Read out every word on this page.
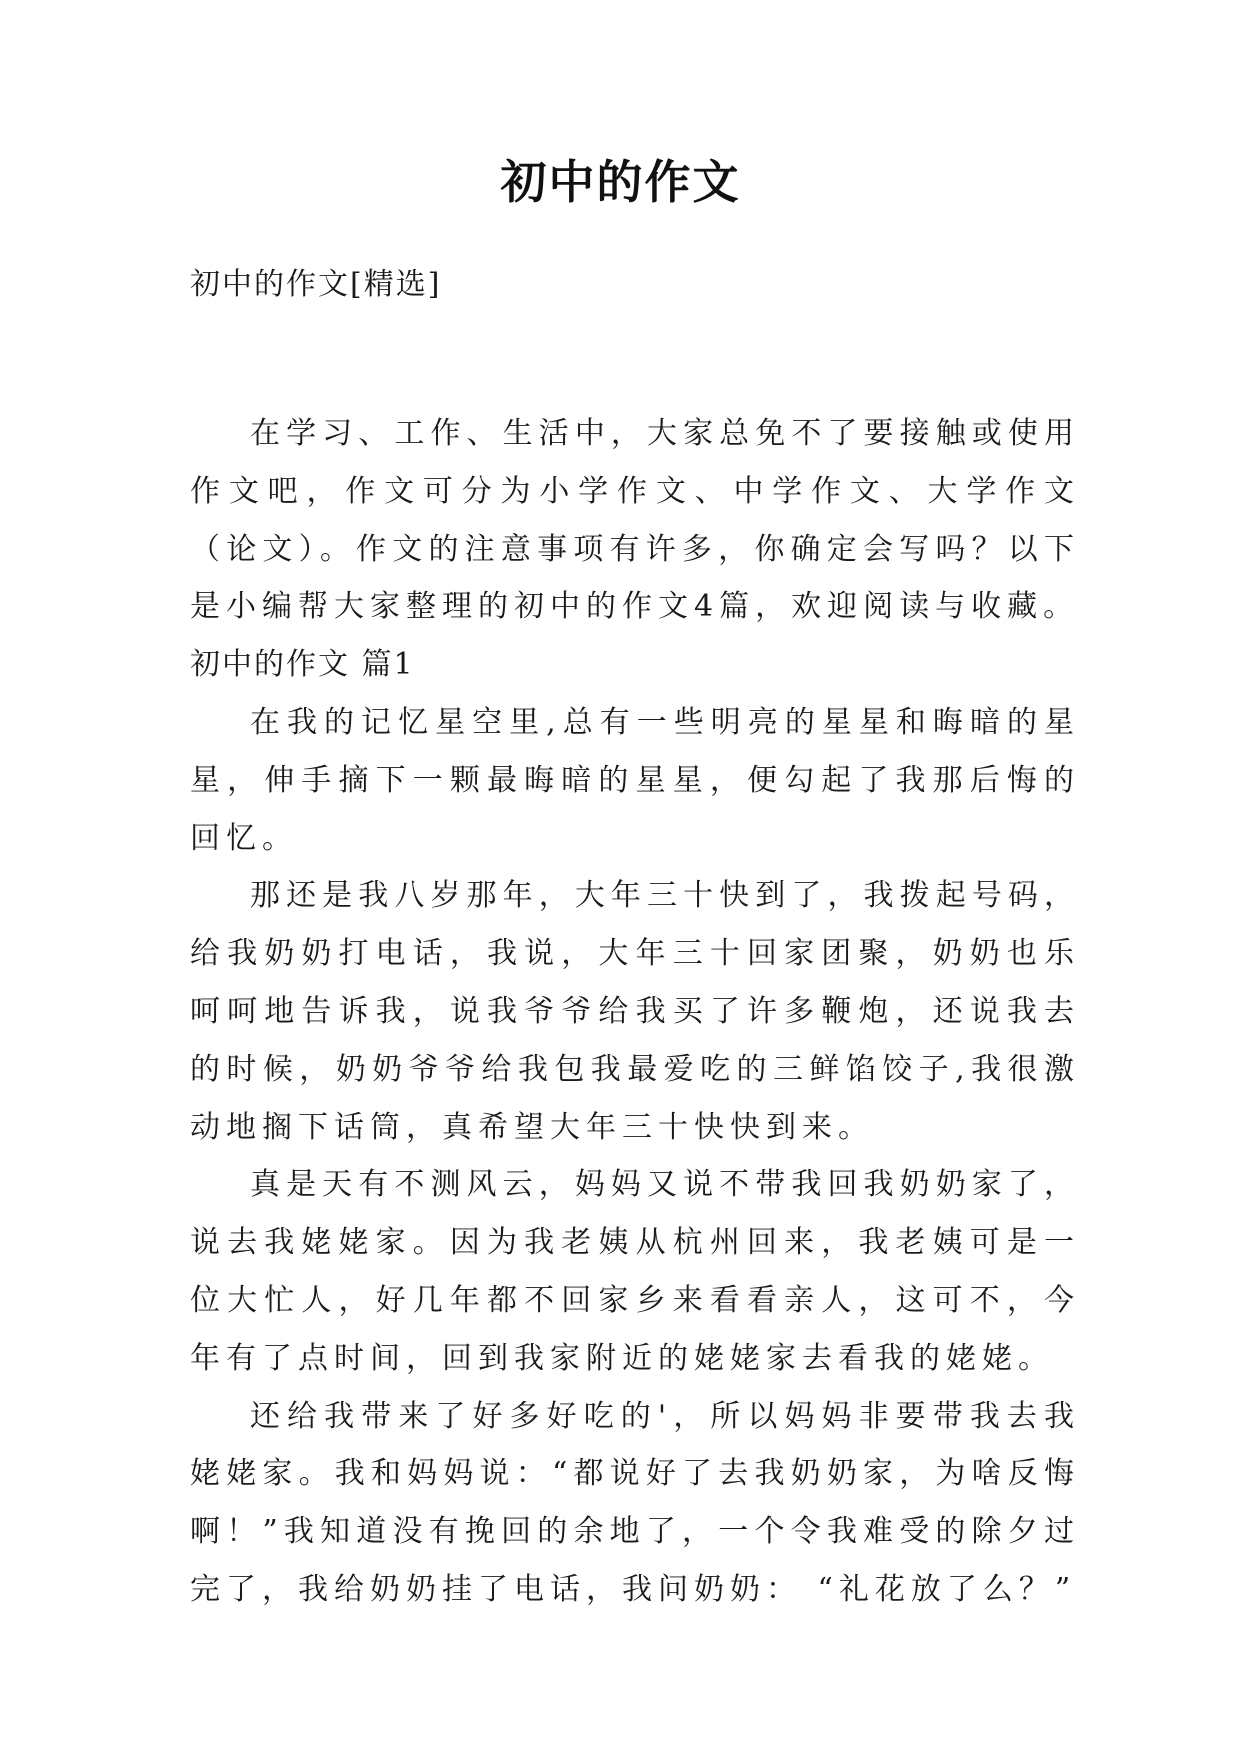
初中的作文
初中的作文[精选]

在学习、工作、生活中，大家总免不了要接触或使用作文吧，作文可分为小学作文、中学作文、大学作文（论文）。作文的注意事项有许多，你确定会写吗？以下是小编帮大家整理的初中的作文4篇，欢迎阅读与收藏。

初中的作文 篇1

在我的记忆星空里,总有一些明亮的星星和晦暗的星星，伸手摘下一颗最晦暗的星星，便勾起了我那后悔的回忆。

那还是我八岁那年，大年三十快到了，我拨起号码，给我奶奶打电话，我说，大年三十回家团聚，奶奶也乐呵呵地告诉我，说我爷爷给我买了许多鞭炮，还说我去的时候，奶奶爷爷给我包我最爱吃的三鲜馅饺子,我很激动地搁下话筒，真希望大年三十快快到来。

真是天有不测风云，妈妈又说不带我回我奶奶家了，说去我姥姥家。因为我老姨从杭州回来，我老姨可是一位大忙人，好几年都不回家乡来看看亲人，这可不，今年有了点时间，回到我家附近的姥姥家去看我的姥姥。

还给我带来了好多好吃的'，所以妈妈非要带我去我姥姥家。我和妈妈说：“都说好了去我奶奶家，为啥反悔啊！”我知道没有挽回的余地了，一个令我难受的除夕过完了，我给奶奶挂了电话，我问奶奶： “礼花放了么？”
